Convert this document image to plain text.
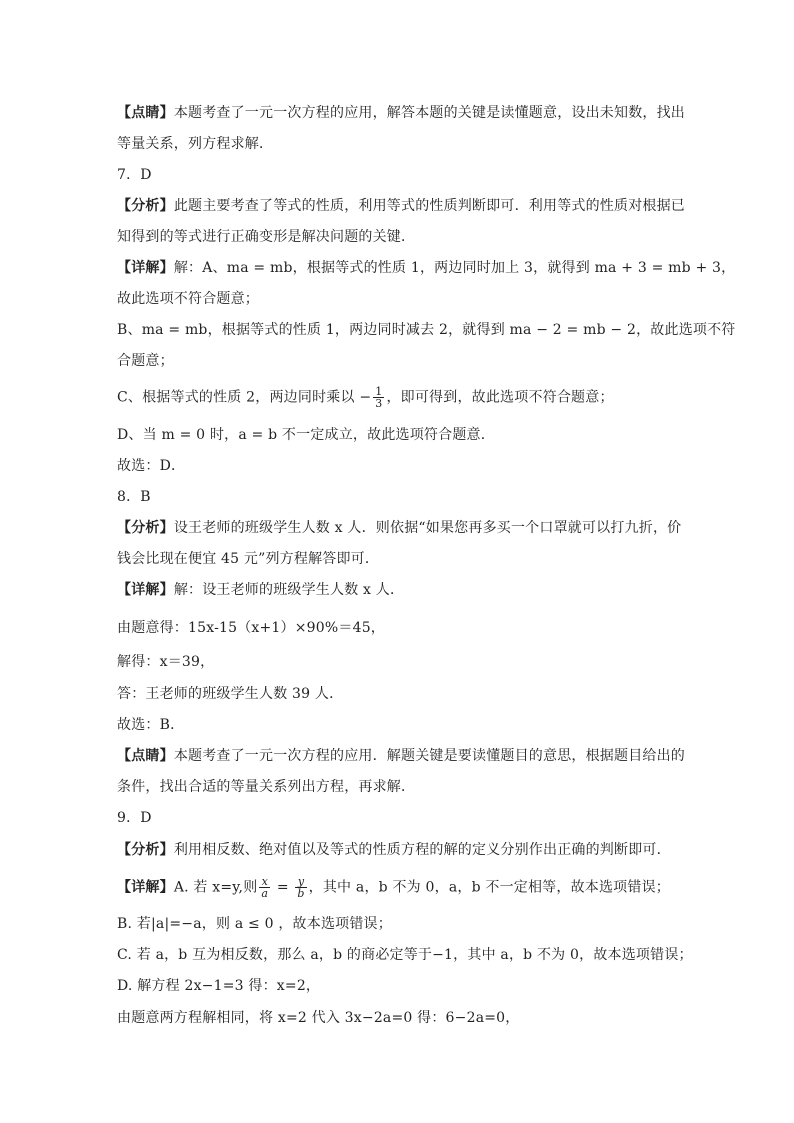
【点睛】本题考查了一元一次方程的应用，解答本题的关键是读懂题意，设出未知数，找出
等量关系，列方程求解．
7．D
【分析】此题主要考查了等式的性质，利用等式的性质判断即可．利用等式的性质对根据已
知得到的等式进行正确变形是解决问题的关键．
【详解】解：A、ma = mb，根据等式的性质 1，两边同时加上 3，就得到 ma + 3 = mb + 3，
故此选项不符合题意；
B、ma = mb，根据等式的性质 1，两边同时减去 2，就得到 ma − 2 = mb − 2，故此选项不符
合题意；
C、根据等式的性质 2，两边同时乘以 − $\frac{1}{3}$ ，即可得到，故此选项不符合题意；
D、当 m = 0 时，a = b 不一定成立，故此选项符合题意．
故选：D．
8．B
【分析】设王老师的班级学生人数 x 人．则依据“如果您再多买一个口罩就可以打九折，价
钱会比现在便宜 45 元”列方程解答即可．
【详解】解：设王老师的班级学生人数 x 人．
由题意得：15x-15（x+1）×90%＝45，
解得：x＝39，
答：王老师的班级学生人数 39 人．
故选：B．
【点睛】本题考查了一元一次方程的应用．解题关键是要读懂题目的意思，根据题目给出的
条件，找出合适的等量关系列出方程，再求解．
9．D
【分析】利用相反数、绝对值以及等式的性质方程的解的定义分别作出正确的判断即可．
【详解】A. 若 x=y,则 $\frac{x}{a} = \frac{y}{b}$ ，其中 a，b 不为 0，a，b 不一定相等，故本选项错误；
B. 若|a|=−a，则 a ≤ 0 ，故本选项错误；
C. 若 a，b 互为相反数，那么 a，b 的商必定等于−1，其中 a，b 不为 0，故本选项错误；
D. 解方程 2x−1=3 得：x=2，
由题意两方程解相同，将 x=2 代入 3x−2a=0 得：6−2a=0，
